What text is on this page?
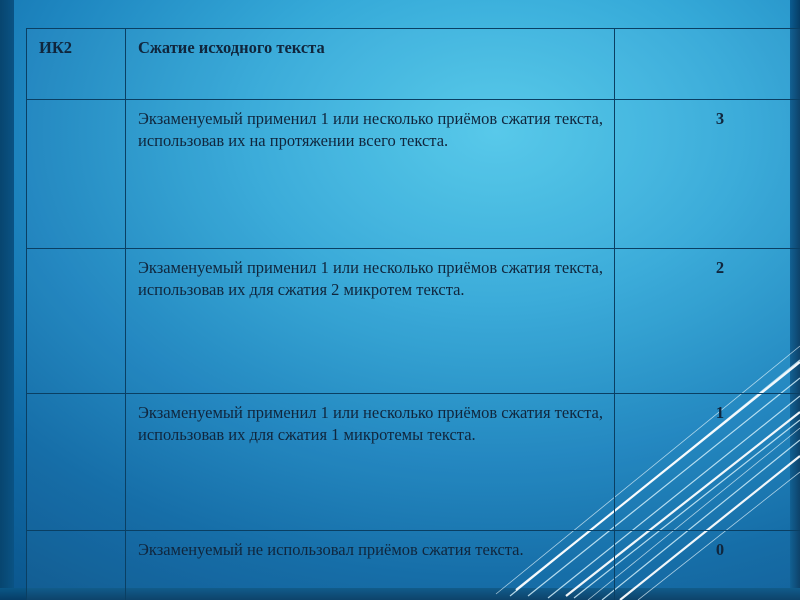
ИК2	Сжатие исходного текста	
	Экзаменуемый применил 1 или несколько приёмов сжатия текста, использовав их на протяжении всего текста.	3
	Экзаменуемый применил 1 или несколько приёмов сжатия текста, использовав их для сжатия 2 микротем текста.	2
	Экзаменуемый применил 1 или несколько приёмов сжатия текста, использовав их для сжатия 1 микротемы текста.	1
	Экзаменуемый не использовал приёмов сжатия текста.	0
